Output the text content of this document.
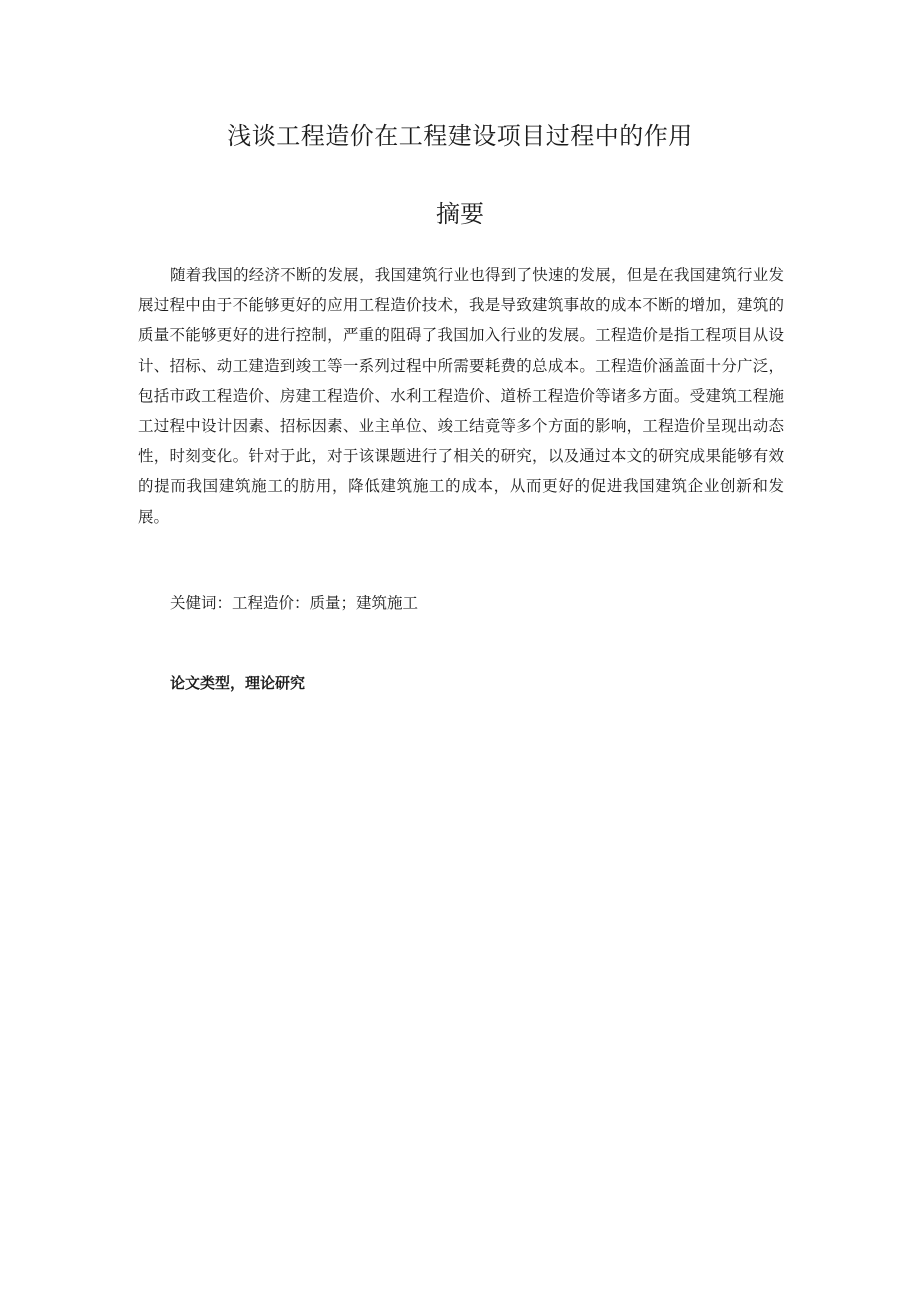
浅谈工程造价在工程建设项目过程中的作用
摘要

随着我国的经济不断的发展，我国建筑行业也得到了快速的发展，但是在我国建筑行业发展过程中由于不能够更好的应用工程造价技术，我是导致建筑事故的成本不断的增加，建筑的质量不能够更好的进行控制，严重的阻碍了我国加入行业的发展。工程造价是指工程项目从设计、招标、动工建造到竣工等一系列过程中所需要耗费的总成本。工程造价涵盖面十分广泛，包括市政工程造价、房建工程造价、水利工程造价、道桥工程造价等诸多方面。受建筑工程施工过程中设计因素、招标因素、业主单位、竣工结竟等多个方面的影响，工程造价呈现出动态性，时刻变化。针对于此，对于该课题进行了相关的研究，以及通过本文的研究成果能够有效的提而我国建筑施工的肪用，降低建筑施工的成本，从而更好的促进我国建筑企业创新和发展。

关健词：工程造价：质量；建筑施工
论文类型，理论研究
